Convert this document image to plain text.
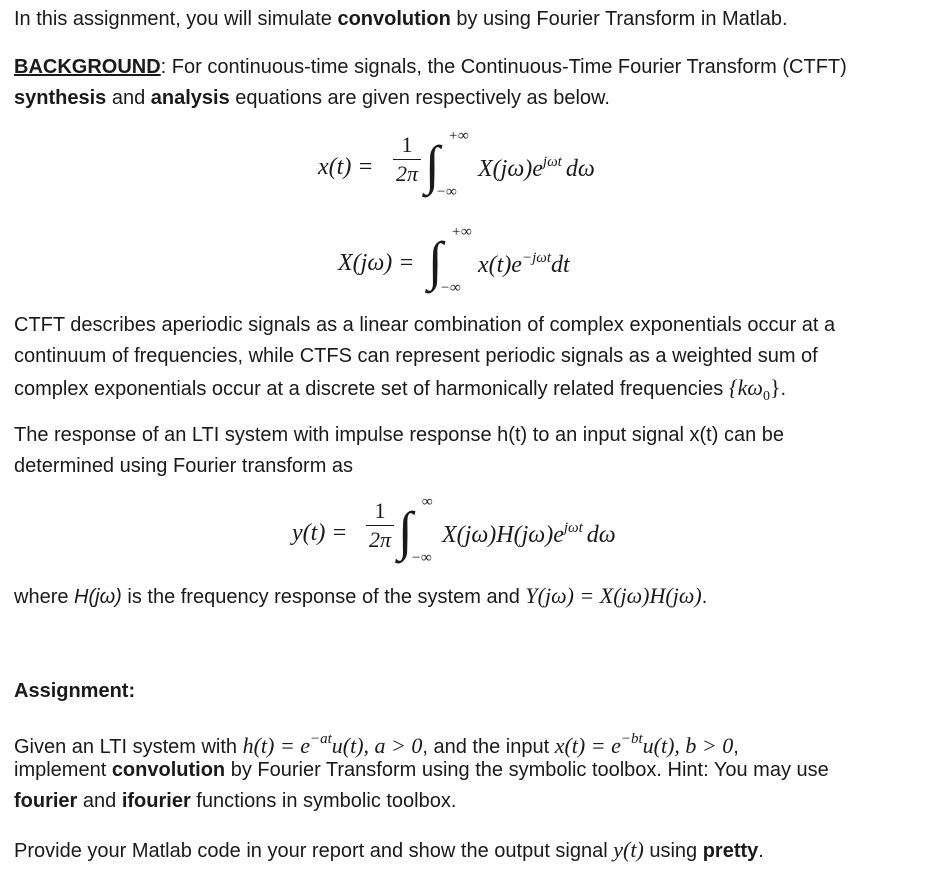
In this assignment, you will simulate convolution by using Fourier Transform in Matlab.
BACKGROUND: For continuous-time signals, the Continuous-Time Fourier Transform (CTFT)
synthesis and analysis equations are given respectively as below.
x(t) =
1
2π ∫ +∞
−∞
$X(j\omega)e^{j\omega t}$ dω
X(jω) = ∫ +∞
−∞
$x(t)e^{-j\omega t}dt$
CTFT describes aperiodic signals as a linear combination of complex exponentials occur at a
continuum of frequencies, while CTFS can represent periodic signals as a weighted sum of
complex exponentials occur at a discrete set of harmonically related frequencies $\{k\omega_0\}$.
The response of an LTI system with impulse response h(t) to an input signal x(t) can be
determined using Fourier transform as
y(t) =
1
2π ∫ ∞
−∞
$X(j\omega)H(j\omega)e^{j\omega t}$ dω
where H(jω) is the frequency response of the system and Y(jω) = X(jω)H(jω).
Assignment:
Given an LTI system with $h(t) = e^{-at}u(t)$, a > 0, and the input $x(t) = e^{-bt}u(t)$, b > 0,
implement convolution by Fourier Transform using the symbolic toolbox. Hint: You may use
fourier and ifourier functions in symbolic toolbox.
Provide your Matlab code in your report and show the output signal y(t) using pretty.
